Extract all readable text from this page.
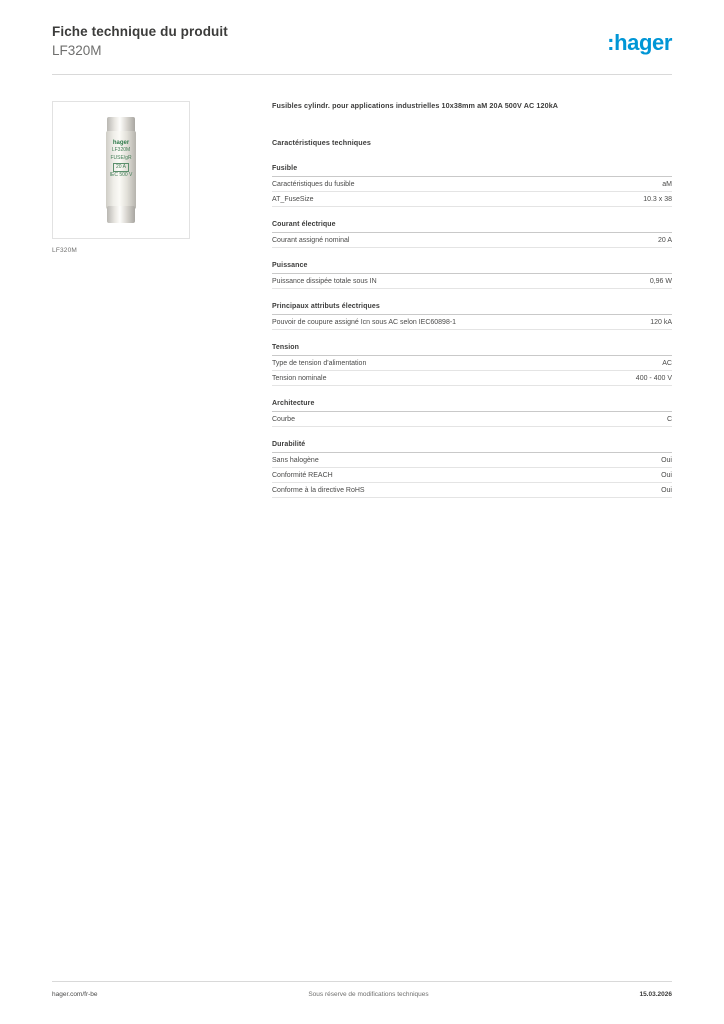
Fiche technique du produit
LF320M	:hager
hager
LF320M
FUSE/gR
20 A
IEC 500 V
LF320M
Fusibles cylindr. pour applications industrielles 10x38mm aM 20A 500V AC 120kA
Caractéristiques techniques
Fusible
Caractéristiques du fusible	aM
AT_FuseSize	10.3 x 38
Courant électrique
Courant assigné nominal	20 A
Puissance
Puissance dissipée totale sous IN	0,96 W
Principaux attributs électriques
Pouvoir de coupure assigné Icn sous AC selon IEC60898-1	120 kA
Tension
Type de tension d'alimentation	AC
Tension nominale	400 - 400 V
Architecture
Courbe	C
Durabilité
Sans halogène	Oui
Conformité REACH	Oui
Conforme à la directive RoHS	Oui
hager.com/fr-be	Sous réserve de modifications techniques	15.03.2026
